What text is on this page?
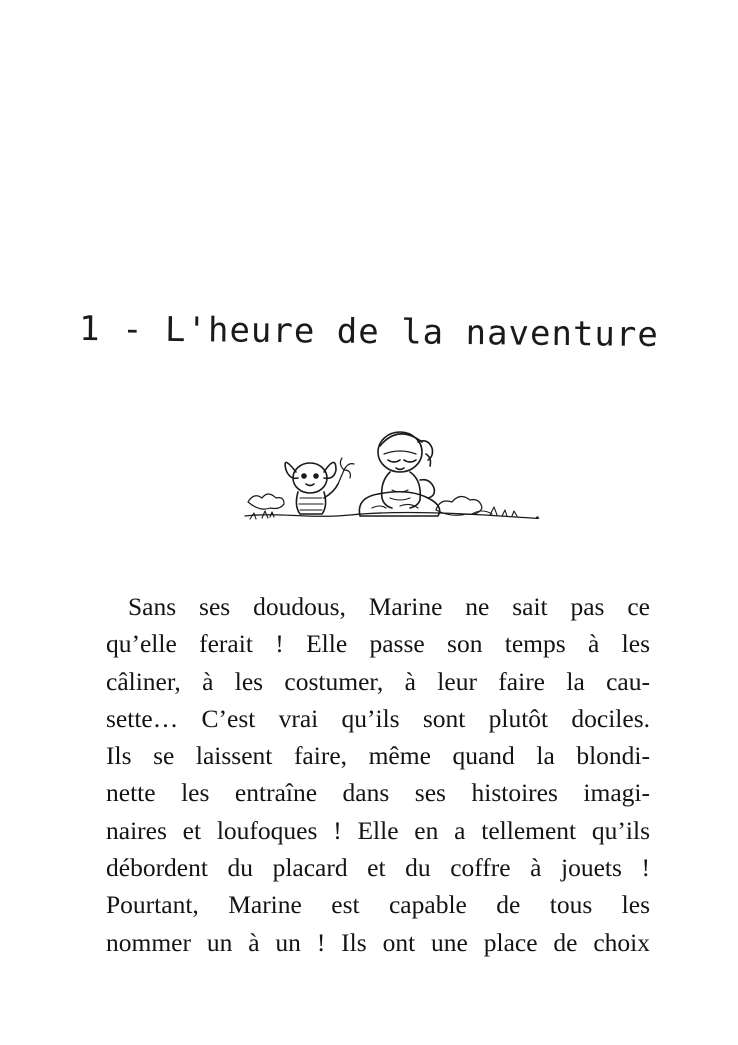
1 - L'heure de la naventure
Sans ses doudous, Marine ne sait pas ce
qu’elle ferait ! Elle passe son temps à les
câliner, à les costumer, à leur faire la cau-
sette… C’est vrai qu’ils sont plutôt dociles.
Ils se laissent faire, même quand la blondi-
nette les entraîne dans ses histoires imagi-
naires et loufoques ! Elle en a tellement qu’ils
débordent du placard et du coffre à jouets !
Pourtant, Marine est capable de tous les
nommer un à un ! Ils ont une place de choix
